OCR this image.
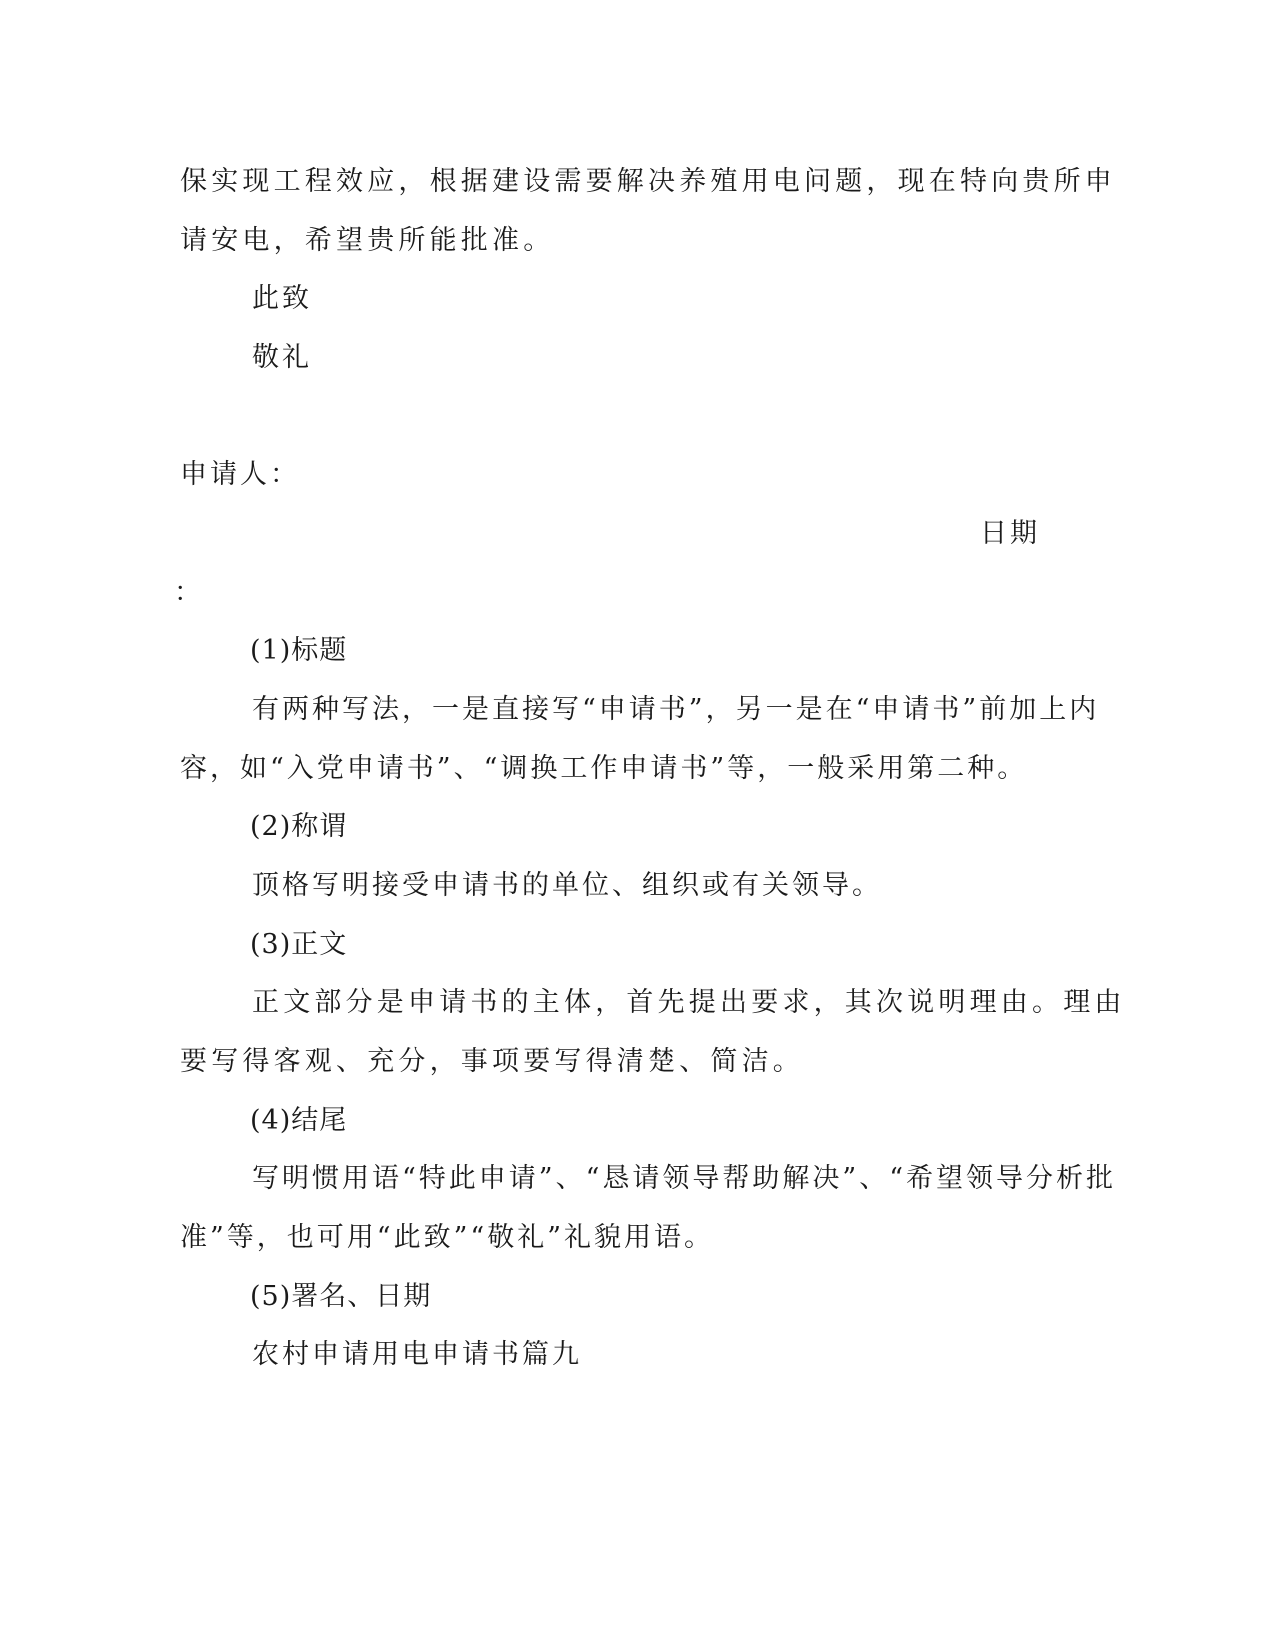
保实现工程效应，根据建设需要解决养殖用电问题，现在特向贵所申

请安电，希望贵所能批准。

此致

敬礼

申请人：

日期

：

(1)标题

有两种写法，一是直接写“申请书”，另一是在“申请书”前加上内

容，如“入党申请书”、“调换工作申请书”等，一般采用第二种。

(2)称谓

顶格写明接受申请书的单位、组织或有关领导。

(3)正文

正文部分是申请书的主体，首先提出要求，其次说明理由。理由

要写得客观、充分，事项要写得清楚、简洁。

(4)结尾

写明惯用语“特此申请”、“恳请领导帮助解决”、“希望领导分析批

准”等，也可用“此致”“敬礼”礼貌用语。

(5)署名、日期

农村申请用电申请书篇九
